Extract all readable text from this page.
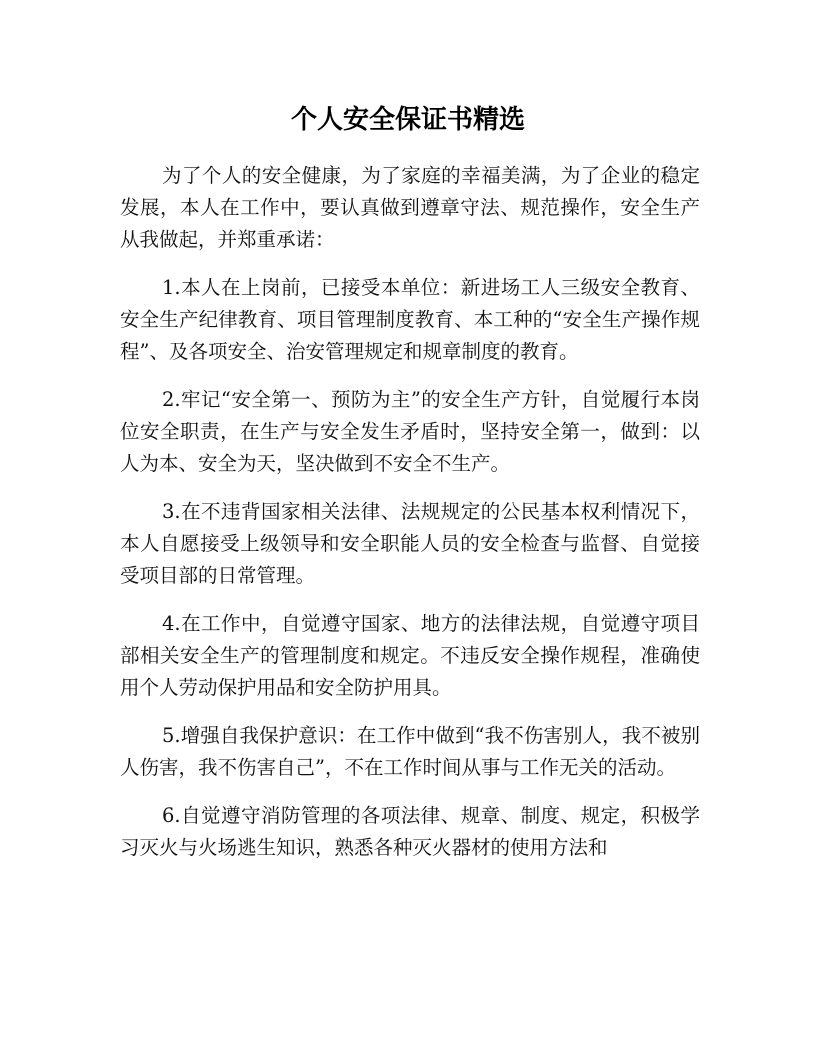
个人安全保证书精选

为了个人的安全健康，为了家庭的幸福美满，为了企业的稳定发展，本人在工作中，要认真做到遵章守法、规范操作，安全生产从我做起，并郑重承诺：

1.本人在上岗前，已接受本单位：新进场工人三级安全教育、安全生产纪律教育、项目管理制度教育、本工种的“安全生产操作规程”、及各项安全、治安管理规定和规章制度的教育。

2.牢记“安全第一、预防为主”的安全生产方针，自觉履行本岗位安全职责，在生产与安全发生矛盾时，坚持安全第一，做到：以人为本、安全为天，坚决做到不安全不生产。

3.在不违背国家相关法律、法规规定的公民基本权利情况下，本人自愿接受上级领导和安全职能人员的安全检查与监督、自觉接受项目部的日常管理。

4.在工作中，自觉遵守国家、地方的法律法规，自觉遵守项目部相关安全生产的管理制度和规定。不违反安全操作规程，准确使用个人劳动保护用品和安全防护用具。

5.增强自我保护意识：在工作中做到“我不伤害别人，我不被别人伤害，我不伤害自己”，不在工作时间从事与工作无关的活动。

6.自觉遵守消防管理的各项法律、规章、制度、规定，积极学习灭火与火场逃生知识，熟悉各种灭火器材的使用方法和
